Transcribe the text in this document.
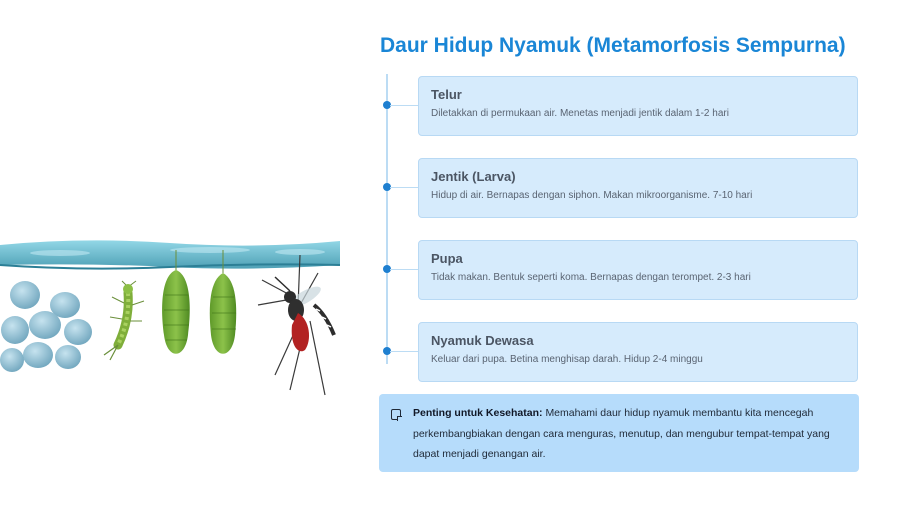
Daur Hidup Nyamuk (Metamorfosis Sempurna)
Telur
Diletakkan di permukaan air. Menetas menjadi jentik dalam 1-2 hari
Jentik (Larva)
Hidup di air. Bernapas dengan siphon. Makan mikroorganisme. 7-10 hari
Pupa
Tidak makan. Bentuk seperti koma. Bernapas dengan terompet. 2-3 hari
Nyamuk Dewasa
Keluar dari pupa. Betina menghisap darah. Hidup 2-4 minggu
Penting untuk Kesehatan: Memahami daur hidup nyamuk membantu kita mencegah perkembangbiakan dengan cara menguras, menutup, dan mengubur tempat-tempat yang dapat menjadi genangan air.
